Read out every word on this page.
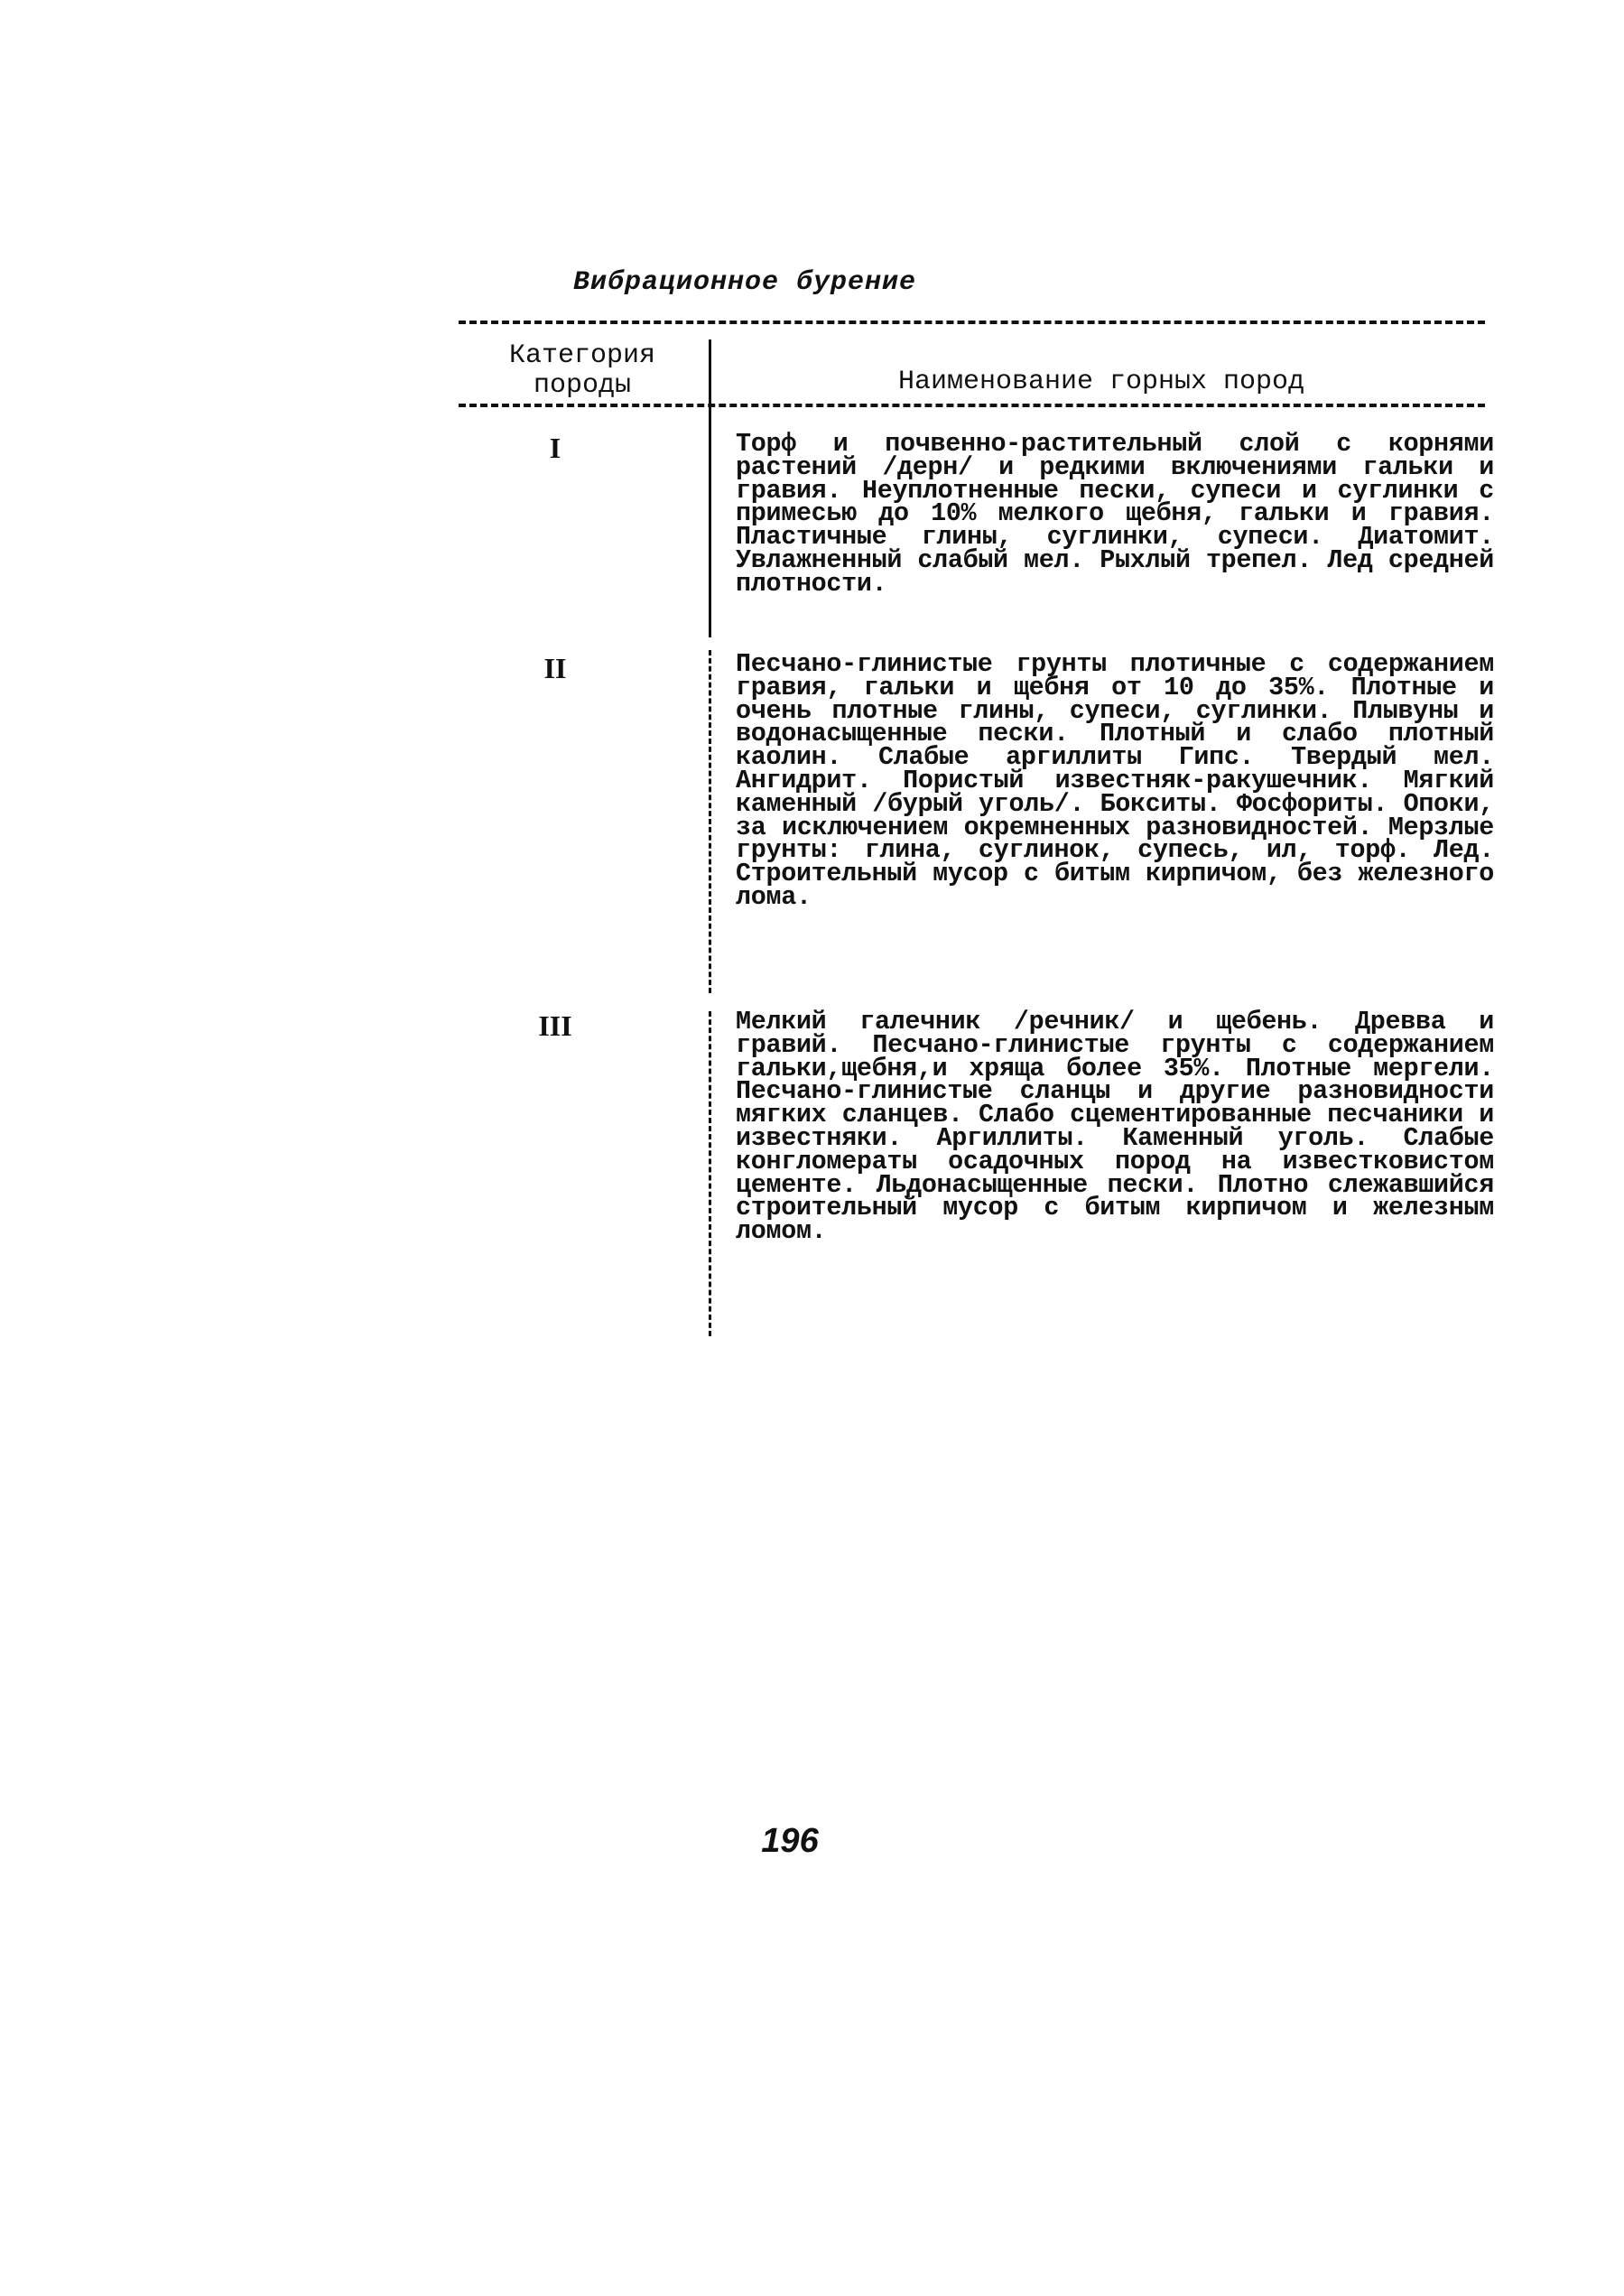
Вибрационное бурение
Категория
породы	Наименование горных пород
I	Торф и почвенно-растительный слой с корнями растений /дерн/ и редкими включениями гальки и гравия. Неуплотненные пески, супеси и суглинки с примесью до 10% мелкого щебня, гальки и гравия. Пластичные глины, суглинки, супеси. Диатомит. Увлажненный слабый мел. Рыхлый трепел. Лед средней плотности.
II	Песчано-глинистые грунты плотичные с содержанием гравия, гальки и щебня от 10 до 35%. Плотные и очень плотные глины, супеси, суглинки. Плывуны и водонасыщенные пески. Плотный и слабо плотный каолин. Слабые аргиллиты Гипс. Твердый мел. Ангидрит. Пористый известняк-ракушечник. Мягкий каменный /бурый уголь/. Бокситы. Фосфориты. Опоки, за исключением окремненных разновидностей. Мерзлые грунты: глина, суглинок, супесь, ил, торф. Лед. Строительный мусор с битым кирпичом, без железного лома.
III	Мелкий галечник /речник/ и щебень. Древва и гравий. Песчано-глинистые грунты с содержанием гальки,щебня,и хряща более 35%. Плотные мергели. Песчано-глинистые сланцы и другие разновидности мягких сланцев. Слабо сцементированные песчаники и известняки. Аргиллиты. Каменный уголь. Слабые конгломераты осадочных пород на известковистом цементе. Льдонасыщенные пески. Плотно слежавшийся строительный мусор с битым кирпичом и железным ломом.
196
